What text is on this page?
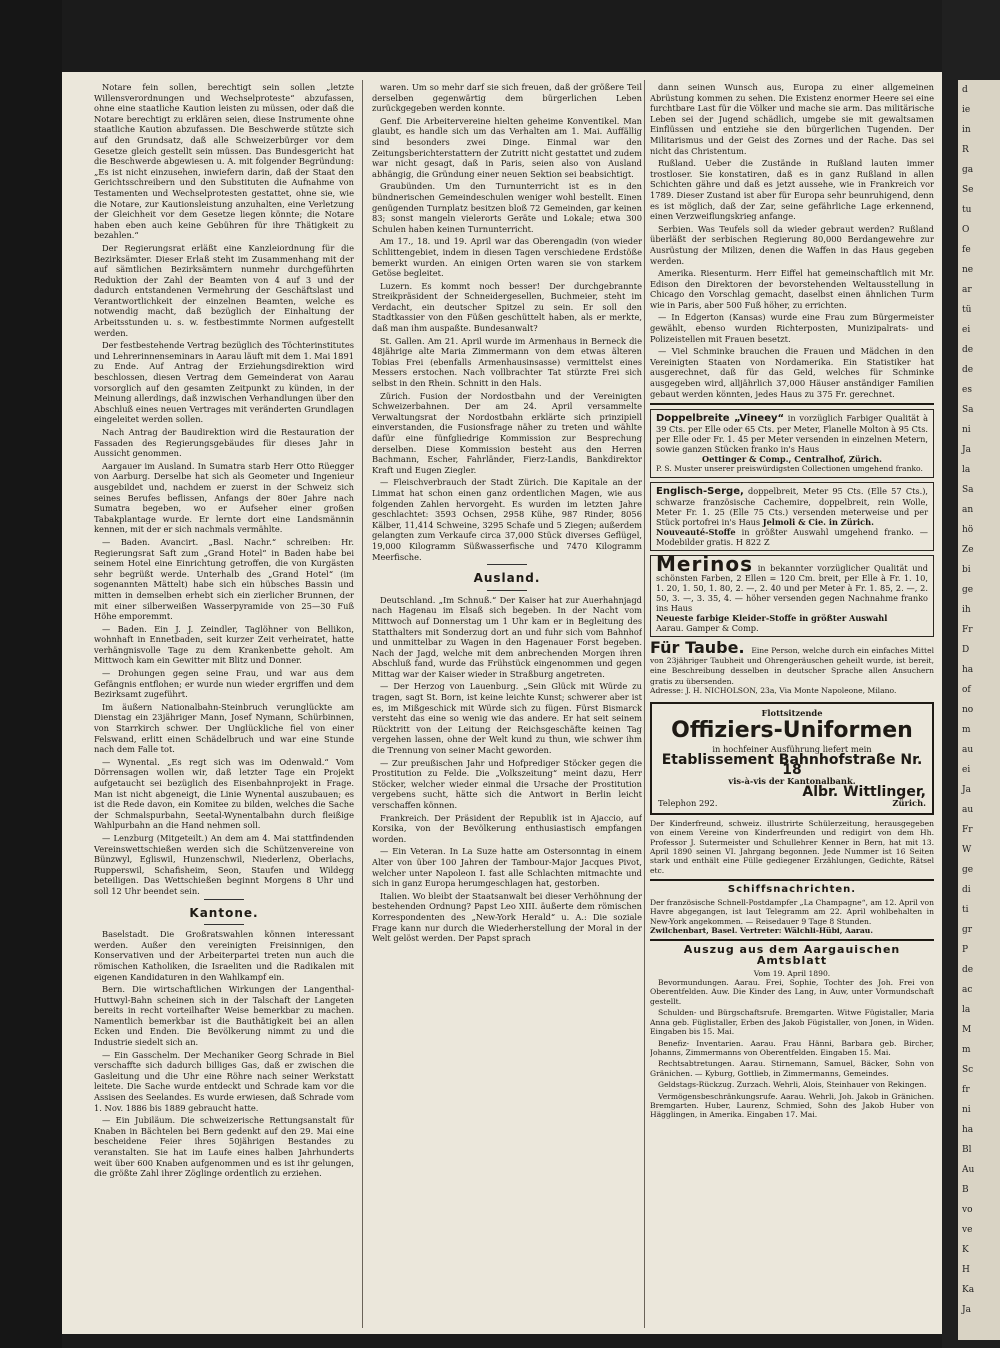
d
ie
in
R
ga
Se
tu
O
fe
ne
ar
tü
ei
de
de
es
Sa
ni
Ja
la
Sa
an
hö
Ze
bi
ge
ih
Fr
D
ha
of
no
m
au
ei
Ja
au
Fr
W
ge
di
ti
gr
P
de
ac
la
M
m
Sc
fr
ni
ha
Bl
Au
B
vo
ve
K
H
Ka
Ja

Notare fein sollen, berechtigt sein sollen „letzte Willensverordnungen und Wechselproteste“ abzufassen, ohne eine staatliche Kaution leisten zu müssen, oder daß die Notare berechtigt zu erklären seien, diese Instrumente ohne staatliche Kaution abzufassen. Die Beschwerde stützte sich auf den Grundsatz, daß alle Schweizerbürger vor dem Gesetze gleich gestellt sein müssen. Das Bundesgericht hat die Beschwerde abgewiesen u. A. mit folgender Begründung: „Es ist nicht einzusehen, inwiefern darin, daß der Staat den Gerichtsschreibern und den Substituten die Aufnahme von Testamenten und Wechselprotesten gestattet, ohne sie, wie die Notare, zur Kautionsleistung anzuhalten, eine Verletzung der Gleichheit vor dem Gesetze liegen könnte; die Notare haben eben auch keine Gebühren für ihre Thätigkeit zu bezahlen.“

Der Regierungsrat erläßt eine Kanzleiordnung für die Bezirksämter. Dieser Erlaß steht im Zusammenhang mit der auf sämtlichen Bezirksämtern nunmehr durchgeführten Reduktion der Zahl der Beamten von 4 auf 3 und der dadurch entstandenen Vermehrung der Geschäftslast und Verantwortlichkeit der einzelnen Beamten, welche es notwendig macht, daß bezüglich der Einhaltung der Arbeitsstunden u. s. w. festbestimmte Normen aufgestellt werden.

Der festbestehende Vertrag bezüglich des Töchterinstitutes und Lehrerinnenseminars in Aarau läuft mit dem 1. Mai 1891 zu Ende. Auf Antrag der Erziehungsdirektion wird beschlossen, diesen Vertrag dem Gemeinderat von Aarau vorsorglich auf den gesamten Zeitpunkt zu künden, in der Meinung allerdings, daß inzwischen Verhandlungen über den Abschluß eines neuen Vertrages mit veränderten Grundlagen eingeleitet werden sollen.

Nach Antrag der Baudirektion wird die Restauration der Fassaden des Regierungsgebäudes für dieses Jahr in Aussicht genommen.

Aargauer im Ausland. In Sumatra starb Herr Otto Rüegger von Aarburg. Derselbe hat sich als Geometer und Ingenieur ausgebildet und, nachdem er zuerst in der Schweiz sich seines Berufes beflissen, Anfangs der 80er Jahre nach Sumatra begeben, wo er Aufseher einer großen Tabakplantage wurde. Er lernte dort eine Landsmännin kennen, mit der er sich nachmals vermählte.

— Baden. Avancirt. „Basl. Nachr.“ schreiben: Hr. Regierungsrat Saft zum „Grand Hotel“ in Baden habe bei seinem Hotel eine Einrichtung getroffen, die von Kurgästen sehr begrüßt werde. Unterhalb des „Grand Hotel“ (im sogenannten Mättelt) habe sich ein hübsches Bassin und mitten in demselben erhebt sich ein zierlicher Brunnen, der mit einer silberweißen Wasserpyramide von 25—30 Fuß Höhe emporemmt.

— Baden. Ein J. J. Zeindler, Taglöhner von Bellikon, wohnhaft in Ennetbaden, seit kurzer Zeit verheiratet, hatte verhängnisvolle Tage zu dem Krankenbette geholt. Am Mittwoch kam ein Gewitter mit Blitz und Donner.

— Drohungen gegen seine Frau, und war aus dem Gefängnis entflohen; er wurde nun wieder ergriffen und dem Bezirksamt zugeführt.

Im äußern Nationalbahn-Steinbruch verunglückte am Dienstag ein 23jähriger Mann, Josef Nymann, Schürbinnen, von Starrkirch schwer. Der Unglückliche fiel von einer Felswand, erlitt einen Schädelbruch und war eine Stunde nach dem Falle tot.

— Wynental. „Es regt sich was im Odenwald.“ Vom Dörrensagen wollen wir, daß letzter Tage ein Projekt aufgetaucht sei bezüglich des Eisenbahnprojekt in Frage. Man ist nicht abgeneigt, die Linie Wynental auszubauen; es ist die Rede davon, ein Komitee zu bilden, welches die Sache der Schmalspurbahn, Seetal-Wynentalbahn durch fleißige Wahlpurbahn an die Hand nehmen soll.

— Lenzburg (Mitgeteilt.) An dem am 4. Mai stattfindenden Vereinswettschießen werden sich die Schützenvereine von Bünzwyl, Egliswil, Hunzenschwil, Niederlenz, Oberlachs, Rupperswil, Schafisheim, Seon, Staufen und Wildegg beteiligen. Das Wettschießen beginnt Morgens 8 Uhr und soll 12 Uhr beendet sein.

Kantone.

Baselstadt. Die Großratswahlen können interessant werden. Außer den vereinigten Freisinnigen, den Konservativen und der Arbeiterpartei treten nun auch die römischen Katholiken, die Israeliten und die Radikalen mit eigenen Kandidaturen in den Wahlkampf ein.

Bern. Die wirtschaftlichen Wirkungen der Langenthal-Huttwyl-Bahn scheinen sich in der Talschaft der Langeten bereits in recht vorteilhafter Weise bemerkbar zu machen. Namentlich bemerkbar ist die Bauthätigkeit bei an allen Ecken und Enden. Die Bevölkerung nimmt zu und die Industrie siedelt sich an.

— Ein Gasschelm. Der Mechaniker Georg Schrade in Biel verschaffte sich dadurch billiges Gas, daß er zwischen die Gasleitung und die Uhr eine Röhre nach seiner Werkstatt leitete. Die Sache wurde entdeckt und Schrade kam vor die Assisen des Seelandes. Es wurde erwiesen, daß Schrade vom 1. Nov. 1886 bis 1889 gebraucht hatte.

— Ein Jubiläum. Die schweizerische Rettungsanstalt für Knaben in Bächtelen bei Bern gedenkt auf den 29. Mai eine bescheidene Feier ihres 50jährigen Bestandes zu veranstalten. Sie hat im Laufe eines halben Jahrhunderts weit über 600 Knaben aufgenommen und es ist ihr gelungen, die größte Zahl ihrer Zöglinge ordentlich zu erziehen.

waren. Um so mehr darf sie sich freuen, daß der größere Teil derselben gegenwärtig dem bürgerlichen Leben zurückgegeben werden konnte.

Genf. Die Arbeitervereine hielten geheime Konventikel. Man glaubt, es handle sich um das Verhalten am 1. Mai. Auffällig sind besonders zwei Dinge. Einmal war den Zeitungsberichterstattern der Zutritt nicht gestattet und zudem war nicht gesagt, daß in Paris, seien also von Ausland abhängig, die Gründung einer neuen Sektion sei beabsichtigt.

Graubünden. Um den Turnunterricht ist es in den bündnerischen Gemeindeschulen weniger wohl bestellt. Einen genügenden Turnplatz besitzen bloß 72 Gemeinden, gar keinen 83; sonst mangeln vielerorts Geräte und Lokale; etwa 300 Schulen haben keinen Turnunterricht.

Am 17., 18. und 19. April war das Oberengadin (von wieder Schlittengebiet, indem in diesen Tagen verschiedene Erdstöße bemerkt wurden. An einigen Orten waren sie von starkem Getöse begleitet.

Luzern. Es kommt noch besser! Der durchgebrannte Streikpräsident der Schneidergesellen, Buchmeier, steht im Verdacht, ein deutscher Spitzel zu sein. Er soll den Stadtkassier von den Füßen geschüttelt haben, als er merkte, daß man ihm auspaßte. Bundesanwalt?

St. Gallen. Am 21. April wurde im Armenhaus in Berneck die 48jährige alte Maria Zimmermann von dem etwas älteren Tobias Frei (ebenfalls Armenhausinsasse) vermittelst eines Messers erstochen. Nach vollbrachter Tat stürzte Frei sich selbst in den Rhein. Schnitt in den Hals.

Zürich. Fusion der Nordostbahn und der Vereinigten Schweizerbahnen. Der am 24. April versammelte Verwaltungsrat der Nordostbahn erklärte sich prinzipiell einverstanden, die Fusionsfrage näher zu treten und wählte dafür eine fünfgliedrige Kommission zur Besprechung derselben. Diese Kommission besteht aus den Herren Bachmann, Escher, Fahrländer, Fierz-Landis, Bankdirektor Kraft und Eugen Ziegler.

— Fleischverbrauch der Stadt Zürich. Die Kapitale an der Limmat hat schon einen ganz ordentlichen Magen, wie aus folgenden Zahlen hervorgeht. Es wurden im letzten Jahre geschlachtet: 3593 Ochsen, 2958 Kühe, 987 Rinder, 8056 Kälber, 11,414 Schweine, 3295 Schafe und 5 Ziegen; außerdem gelangten zum Verkaufe circa 37,000 Stück diverses Geflügel, 19,000 Kilogramm Süßwasserfische und 7470 Kilogramm Meerfische.

Ausland.

Deutschland. „Im Schnuß.“ Der Kaiser hat zur Auerhahnjagd nach Hagenau im Elsaß sich begeben. In der Nacht vom Mittwoch auf Donnerstag um 1 Uhr kam er in Begleitung des Statthalters mit Sonderzug dort an und fuhr sich vom Bahnhof und unmittelbar zu Wagen in den Hagenauer Forst begeben. Nach der Jagd, welche mit dem anbrechenden Morgen ihren Abschluß fand, wurde das Frühstück eingenommen und gegen Mittag war der Kaiser wieder in Straßburg angetreten.

— Der Herzog von Lauenburg. „Sein Glück mit Würde zu tragen, sagt St. Born, ist keine leichte Kunst; schwerer aber ist es, im Mißgeschick mit Würde sich zu fügen. Fürst Bismarck versteht das eine so wenig wie das andere. Er hat seit seinem Rücktritt von der Leitung der Reichsgeschäfte keinen Tag vergehen lassen, ohne der Welt kund zu thun, wie schwer ihm die Trennung von seiner Macht geworden.

— Zur preußischen Jahr und Hofprediger Stöcker gegen die Prostitution zu Felde. Die „Volkszeitung“ meint dazu, Herr Stöcker, welcher wieder einmal die Ursache der Prostitution vergebens sucht, hätte sich die Antwort in Berlin leicht verschaffen können.

Frankreich. Der Präsident der Republik ist in Ajaccio, auf Korsika, von der Bevölkerung enthusiastisch empfangen worden.

— Ein Veteran. In La Suze hatte am Ostersonntag in einem Alter von über 100 Jahren der Tambour-Major Jacques Pivot, welcher unter Napoleon I. fast alle Schlachten mitmachte und sich in ganz Europa herumgeschlagen hat, gestorben.

Italien. Wo bleibt der Staatsanwalt bei dieser Verhöhnung der bestehenden Ordnung? Papst Leo XIII. äußerte dem römischen Korrespondenten des „New-York Herald“ u. A.: Die soziale Frage kann nur durch die Wiederherstellung der Moral in der Welt gelöst werden. Der Papst sprach

dann seinen Wunsch aus, Europa zu einer allgemeinen Abrüstung kommen zu sehen. Die Existenz enormer Heere sei eine furchtbare Last für die Völker und mache sie arm. Das militärische Leben sei der Jugend schädlich, umgebe sie mit gewaltsamen Einflüssen und entziehe sie den bürgerlichen Tugenden. Der Militarismus und der Geist des Zornes und der Rache. Das sei nicht das Christentum.

Rußland. Ueber die Zustände in Rußland lauten immer trostloser. Sie konstatiren, daß es in ganz Rußland in allen Schichten gähre und daß es jetzt aussehe, wie in Frankreich vor 1789. Dieser Zustand ist aber für Europa sehr beunruhigend, denn es ist möglich, daß der Zar, seine gefährliche Lage erkennend, einen Verzweiflungskrieg anfange.

Serbien. Was Teufels soll da wieder gebraut werden? Rußland überläßt der serbischen Regierung 80,000 Berdangewehre zur Ausrüstung der Milizen, denen die Waffen in das Haus gegeben werden.

Amerika. Riesenturm. Herr Eiffel hat gemeinschaftlich mit Mr. Edison den Direktoren der bevorstehenden Weltausstellung in Chicago den Vorschlag gemacht, daselbst einen ähnlichen Turm wie in Paris, aber 500 Fuß höher, zu errichten.

— In Edgerton (Kansas) wurde eine Frau zum Bürgermeister gewählt, ebenso wurden Richterposten, Munizipalrats- und Polizeistellen mit Frauen besetzt.

— Viel Schminke brauchen die Frauen und Mädchen in den Vereinigten Staaten von Nordamerika. Ein Statistiker hat ausgerechnet, daß für das Geld, welches für Schminke ausgegeben wird, alljährlich 37,000 Häuser anständiger Familien gebaut werden könnten, jedes Haus zu 375 Fr. gerechnet.

Doppelbreite „Vineey“ in vorzüglich Farbiger Qualität à 39 Cts. per Elle oder 65 Cts. per Meter, Flanelle Molton à 95 Cts. per Elle oder Fr. 1. 45 per Meter versenden in einzelnen Metern, sowie ganzen Stücken franko in's Haus
Oettinger & Comp., Centralhof, Zürich.
P. S. Muster unserer preiswürdigsten Collectionen umgehend franko.
Englisch-Serge, doppelbreit, Meter 95 Cts. (Elle 57 Cts.), schwarze französische Cachemire, doppelbreit, rein Wolle, Meter Fr. 1. 25 (Elle 75 Cts.) versenden meterweise und per Stück portofrei in's Haus Jelmoli & Cie. in Zürich.
Nouveauté-Stoffe in größter Auswahl umgehend franko. — Modebilder gratis. H 822 Z
Merinos in bekannter vorzüglicher Qualität und schönsten Farben, 2 Ellen = 120 Cm. breit, per Elle à Fr. 1. 10, 1. 20, 1. 50, 1. 80, 2. —, 2. 40 und per Meter à Fr. 1. 85, 2. —, 2. 50, 3. —, 3. 35, 4. — höher versenden gegen Nachnahme franko ins Haus
Neueste farbige Kleider-Stoffe in größter Auswahl
Aarau. Gamper & Comp.
Für Taube. Eine Person, welche durch ein einfaches Mittel von 23jähriger Taubheit und Ohrengeräuschen geheilt wurde, ist bereit, eine Beschreibung desselben in deutscher Sprache allen Ansuchern gratis zu übersenden.
Adresse: J. H. NICHOLSON, 23a, Via Monte Napoleone, Milano.
Flottsitzende
Offiziers-Uniformen
in hochfeiner Ausführung liefert mein
Etablissement Bahnhofstraße Nr. 18
vis-à-vis der Kantonalbank.
Telephon 292.
Albr. Wittlinger,
Zürich.
Der Kinderfreund, schweiz. illustrirte Schülerzeitung, herausgegeben von einem Vereine von Kinderfreunden und redigirt von dem Hh. Professor J. Sutermeister und Schullehrer Kenner in Bern, hat mit 13. April 1890 seinen VI. Jahrgang begonnen. Jede Nummer ist 16 Seiten stark und enthält eine Fülle gediegener Erzählungen, Gedichte, Rätsel etc.
Schiffsnachrichten.
Der französische Schnell-Postdampfer „La Champagne“, am 12. April von Havre abgegangen, ist laut Telegramm am 22. April wohlbehalten in New-York angekommen. — Reisedauer 9 Tage 8 Stunden.
Zwilchenbart, Basel. Vertreter: Wälchli-Hübi, Aarau.
Auszug aus dem Aargauischen Amtsblatt
Vom 19. April 1890.

Bevormundungen. Aarau. Frei, Sophie, Tochter des Joh. Frei von Oberentfelden. Auw. Die Kinder des Lang, in Auw, unter Vormundschaft gestellt.

Schulden- und Bürgschaftsrufe. Bremgarten. Witwe Fügistaller, Maria Anna geb. Füglistaller, Erben des Jakob Fügistaller, von Jonen, in Widen. Eingaben bis 15. Mai.

Benefiz- Inventarien. Aarau. Frau Hänni, Barbara geb. Bircher, Johanns, Zimmermanns von Oberentfelden. Eingaben 15. Mai.

Rechtsabtretungen. Aarau. Stirnemann, Samuel, Bäcker, Sohn von Gränichen. — Kyburg, Gottlieb, in Zimmermanns, Gemeindes.

Geldstags-Rückzug. Zurzach. Wehrli, Alois, Steinhauer von Rekingen.

Vermögensbeschränkungsrufe. Aarau. Wehrli, Joh. Jakob in Gränichen. Bremgarten. Huber, Laurenz, Schmied, Sohn des Jakob Huber von Hägglingen, in Amerika. Eingaben 17. Mai.
